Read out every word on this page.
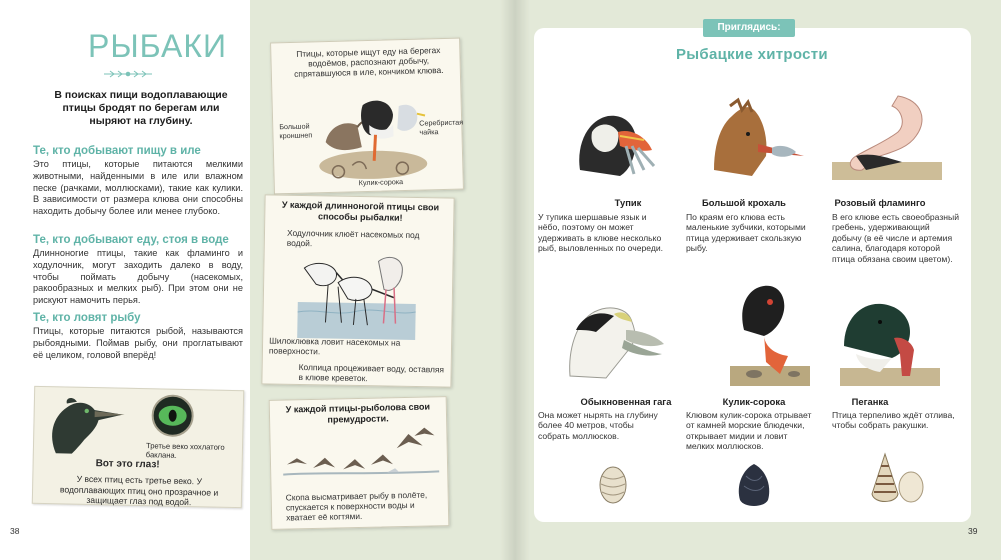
РЫБАКИ
В поисках пищи водоплавающие птицы бродят по берегам или ныряют на глубину.
Те, кто добывают пищу в иле
Это птицы, которые питаются мелкими животными, найденными в иле или влажном песке (рачками, моллюсками), такие как кулики. В зависимости от размера клюва они способны находить добычу более или менее глубоко.
Те, кто добывают еду, стоя в воде
Длинноногие птицы, такие как фламинго и ходулочник, могут заходить далеко в воду, чтобы поймать добычу (насекомых, ракообразных и мелких рыб). При этом они не рискуют намочить перья.
Те, кто ловят рыбу
Птицы, которые питаются рыбой, называются рыбоядными. Поймав рыбу, они проглатывают её целиком, головой вперёд!
Третье веко хохлатого баклана.
Вот это глаз!
У всех птиц есть третье веко. У водоплавающих птиц оно прозрачное и защищает глаз под водой.
38
Птицы, которые ищут еду на берегах водоёмов, распознают добычу, спрятавшуюся в иле, кончиком клюва.
Большой кроншнеп
Серебристая чайка
Кулик-сорока
У каждой длинноногой птицы свои способы рыбалки!
Ходулочник клюёт насекомых под водой.
Шилоклювка ловит насекомых на поверхности.
Колпица процеживает воду, оставляя в клюве креветок.
У каждой птицы-рыболова свои премудрости.
Скопа высматривает рыбу в полёте, спускается к поверхности воды и хватает её когтями.
Приглядись:
Рыбацкие хитрости
Тупик
У тупика шершавые язык и нёбо, поэтому он может удерживать в клюве несколько рыб, выловленных по очереди.
Большой крохаль
По краям его клюва есть маленькие зубчики, которыми птица удерживает скользкую рыбу.
Розовый фламинго
В его клюве есть своеобразный гребень, удерживающий добычу (в её числе и артемия салина, благодаря которой птица обязана своим цветом).
Обыкновенная гага
Она может нырять на глубину более 40 метров, чтобы собрать моллюсков.
Кулик-сорока
Клювом кулик-сорока отрывает от камней морские блюдечки, открывает мидии и ловит мелких моллюсков.
Пеганка
Птица терпеливо ждёт отлива, чтобы собрать ракушки.
39
